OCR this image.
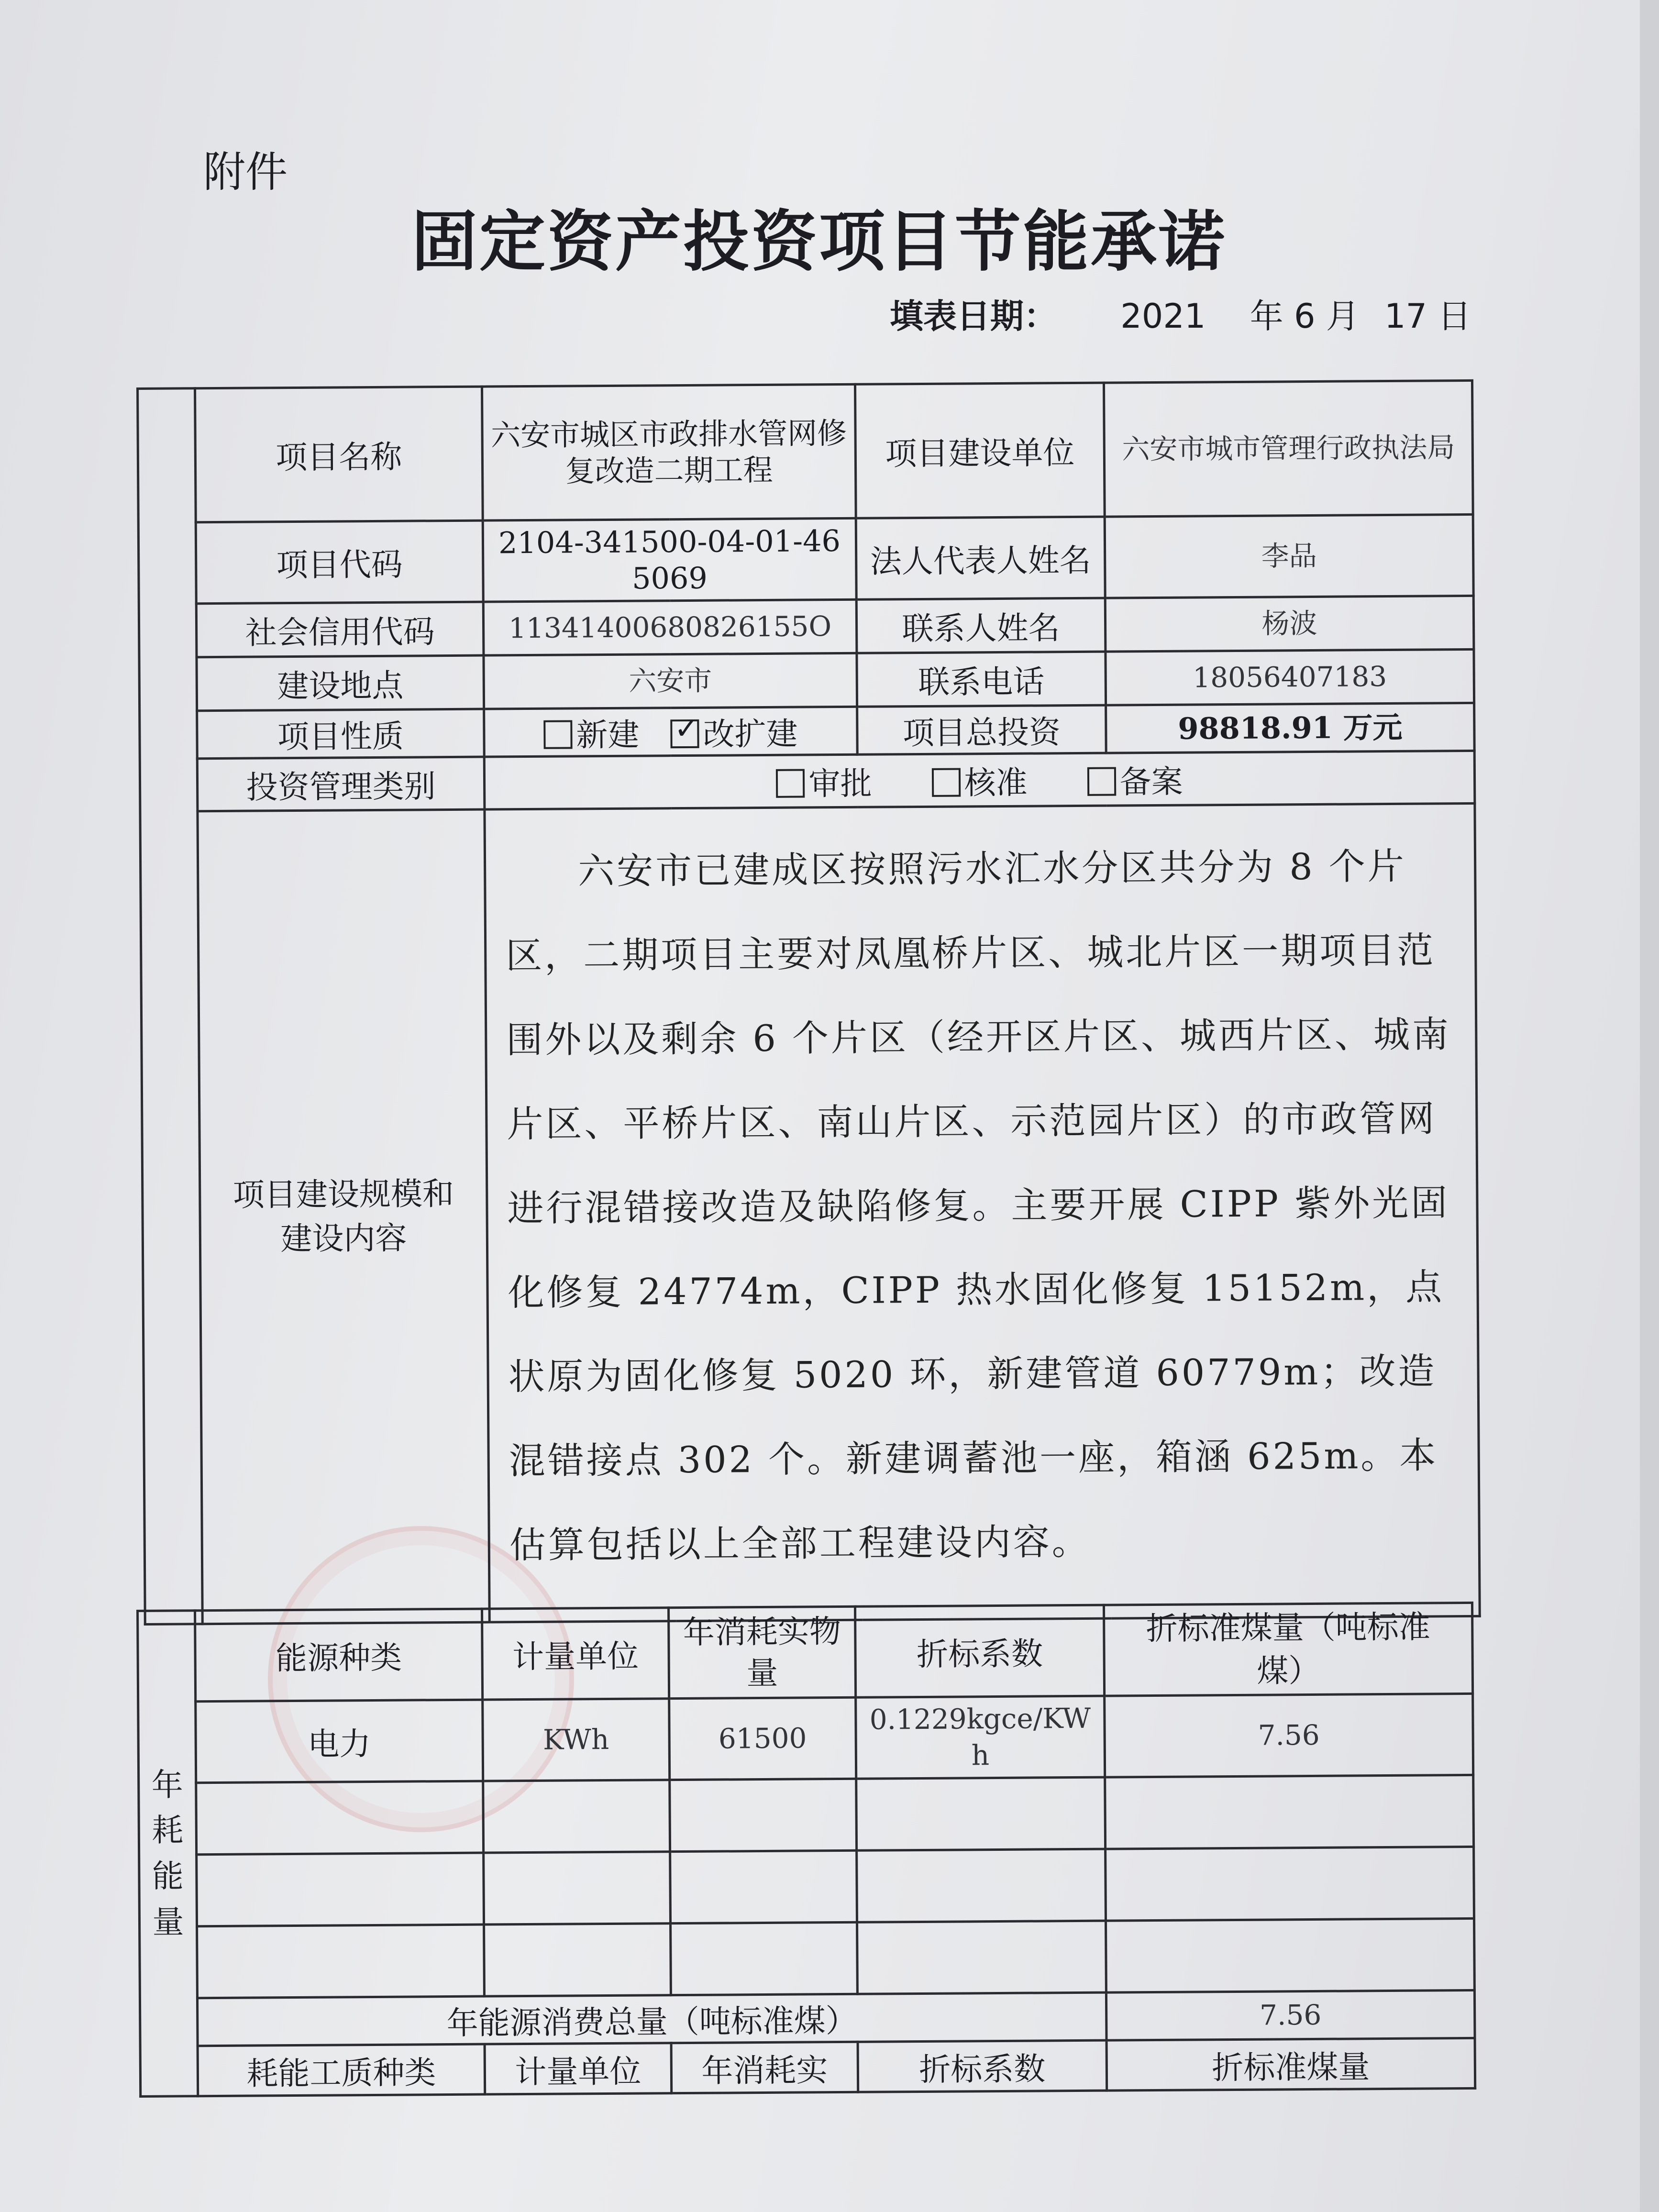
附件
固定资产投资项目节能承诺
填表日期： 2021 年 6 月 17 日
	项目名称	六安市城区市政排水管网修复改造二期工程	项目建设单位	六安市城市管理行政执法局
	项目代码	2104-341500-04-01-465069	法人代表人姓名	李品
	社会信用代码	11341400680826155O	联系人姓名	杨波
	建设地点	六安市	联系电话	18056407183
	项目性质	新建 ✓ 改扩建	项目总投资	98818.91 万元
	投资管理类别	审批 核准 备案		
	项目建设规模和建设内容	六安市已建成区按照污水汇水分区共分为 8 个片区，二期项目主要对凤凰桥片区、城北片区一期项目范围外以及剩余 6 个片区（经开区片区、城西片区、城南片区、平桥片区、南山片区、示范园片区）的市政管网进行混错接改造及缺陷修复。主要开展 CIPP 紫外光固化修复 24774m，CIPP 热水固化修复 15152m，点状原为固化修复 5020 环，新建管道 60779m；改造混错接点 302 个。新建调蓄池一座，箱涵 625m。本估算包括以上全部工程建设内容。		

年耗能量	能源种类	计量单位	年消耗实物量	折标系数	折标准煤量（吨标准煤）
	电力	KWh	61500	0.1229kgce/KWh	7.56

	年能源消费总量（吨标准煤）				7.56
	耗能工质种类	计量单位	年消耗实	折标系数	折标准煤量
